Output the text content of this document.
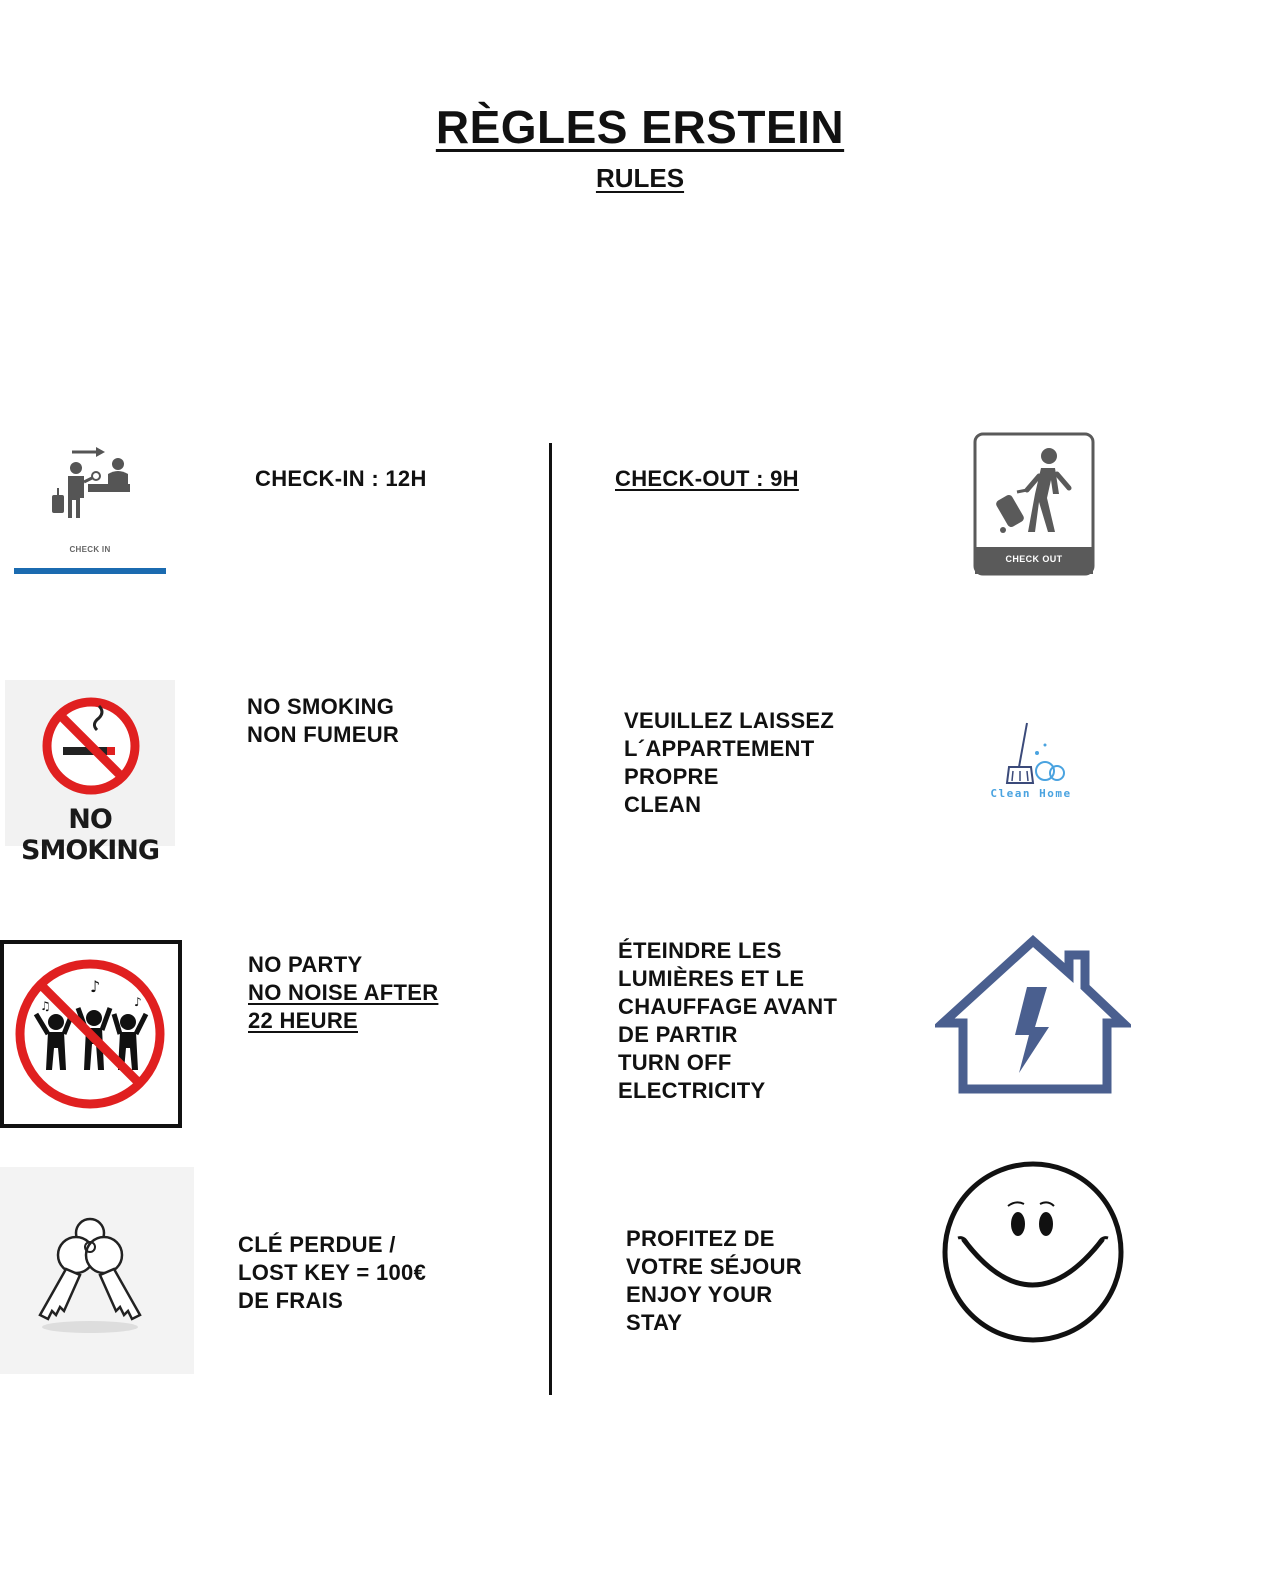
RÈGLES ERSTEIN
RULES
CHECK IN
CHECK-IN : 12H	CHECK-OUT : 9H
CHECK OUT
NO SMOKING
NO SMOKING
NON FUMEUR
VEUILLEZ LAISSEZ
L´APPARTEMENT
PROPRE
CLEAN	Clean Home
♪
♫	♪
NO PARTY
NO NOISE AFTER
22 HEURE
ÉTEINDRE LES
LUMIÈRES ET LE
CHAUFFAGE AVANT
DE PARTIR
TURN OFF
ELECTRICITY
CLÉ PERDUE /
LOST KEY = 100€
DE FRAIS
PROFITEZ DE
VOTRE SÉJOUR
ENJOY YOUR
STAY
